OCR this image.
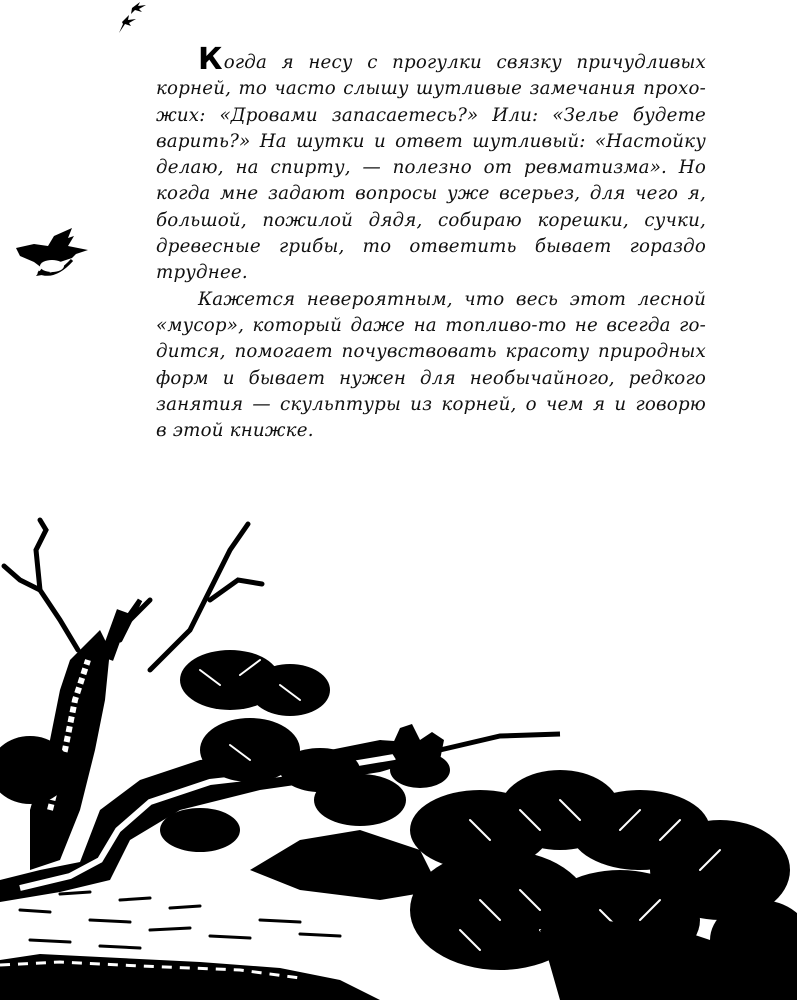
Когда я несу с прогулки связку причудливых
корней, то часто слышу шутливые замечания прохо-
жих: «Дровами запасаетесь?» Или: «Зелье будете
варить?» На шутки и ответ шутливый: «Настойку
делаю, на спирту, — полезно от ревматизма». Но
когда мне задают вопросы уже всерьез, для чего я,
большой, пожилой дядя, собираю корешки, сучки,
древесные грибы, то ответить бывает гораздо
труднее.

Кажется невероятным, что весь этот лесной
«мусор», который даже на топливо-то не всегда го-
дится, помогает почувствовать красоту природных
форм и бывает нужен для необычайного, редкого
занятия — скульптуры из корней, о чем я и говорю
в этой книжке.
